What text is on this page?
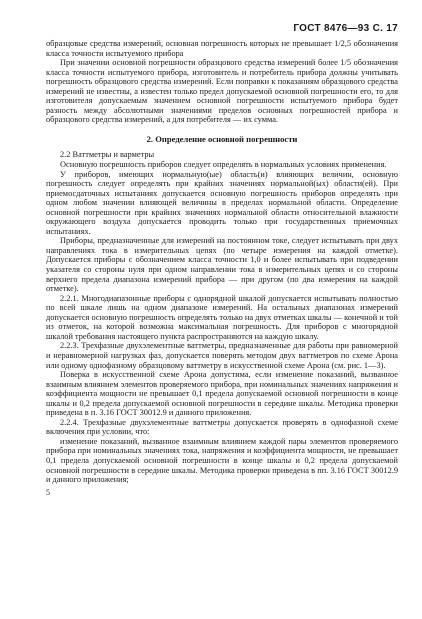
ГОСТ 8476—93 С. 17

образцовые средства измерений, основная погрешность которых не превышает 1/2,5 обозначения класса точности испытуемого прибора

При значении основной погрешности образцового средства измерений более 1/5 обозначения класса точности испытуемого прибора, изготовитель и потребитель прибора должны учитывать погрешность образцового средства измерений. Если поправки к показаниям образцового средства измерений не известны, а известен только предел допускаемой основной погрешности его, то для изготовителя допускаемым значением основной погрешности испытуемого прибора будет разность между абсолютными значениями пределов основных погрешностей прибора и образцового средства измерений, а для потребителя — их сумма.

2. Определение основной погрешности

2.2 Ваттметры и варметры

Основную погрешность приборов следует определять в нормальных условиях применения.

У приборов, имеющих нормальную(ые) область(и) влияющих величин, основную погрешность следует определять при крайних значениях нормальной(ых) области(ей). При приемосдаточных испытаниях допускается основную погрешность приборов определять при одном любом значении влияющей величины в пределах нормальной области. Определение основной погрешности при крайних значениях нормальной области относительной влажности окружающего воздуха допускается проводить только при государственных приемочных испытаниях.

Приборы, предназначенные для измерений на постоянном токе, следует испытывать при двух направлениях тока в измерительных цепях (по четыре измерения на каждой отметке). Допускается приборы с обозначением класса точности 1,0 и более испытывать при подведении указателя со стороны нуля при одном направлении тока в измерительных цепях и со стороны верхнего предела диапазона измерений прибора — при другом (по два измерения на каждой отметке).

2.2.1. Многодиапазонные приборы с однорядной шкалой допускается испытывать полностью по всей шкале лишь на одном диапазоне измерений. На остальных диапазонах измерений допускается основную погрешность определять только на двух отметках шкалы — конечной и той из отметок, на которой возможна максимальная погрешность. Для приборов с многорядной шкалой требования настоящего пункта распространяются на каждую шкалу.

2.2.3. Трехфазные двухэлементные ваттметры, предназначенные для работы при равномерной и неравномерной нагрузках фаз, допускается поверять методом двух ваттметров по схеме Арона или одному однофазному образцовому ваттметру в искусственной схеме Арона (см. рис. 1—3).

Поверка в искусственной схеме Арона допустима, если изменение показаний, вызванное взаимным влиянием элементов проверяемого прибора, при номинальных значениях напряжения и коэффициента мощности не превышает 0,1 предела допускаемой основной погрешности в конце шкалы и 0,2 предела допускаемой основной погрешности в середине шкалы. Методика проверки приведена в п. 3.16 ГОСТ 30012.9 и данного приложения.

2.2.4. Трехфазные двухэлементные ваттметры допускается проверять в однофазной схеме включения при условии, что:

изменение показаний, вызванное взаимным влиянием каждой пары элементов проверяемого прибора при номинальных значениях тока, напряжения и коэффициента мощности, не превышает 0,1 предела допускаемой основной погрешности в конце шкалы и 0,2 предела допускаемой основной погрешности в середине шкалы. Методика проверки приведена в пп. 3.16 ГОСТ 30012.9 и данного приложения;

5
